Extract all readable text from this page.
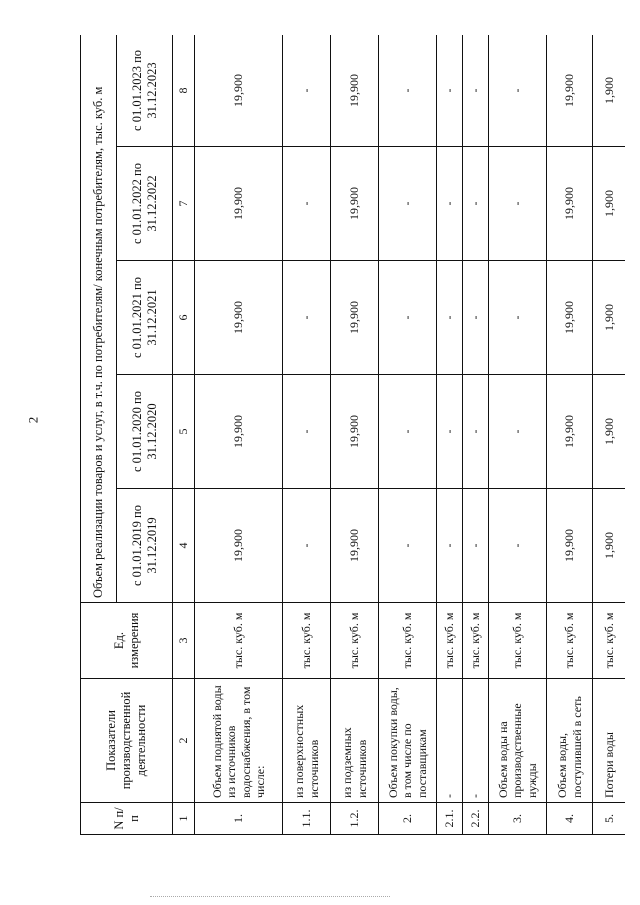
2
N п/п	Показатели производственной деятельности	Ед. измерения	Объем реализации товаров и услуг, в т.ч. по потребителям/ конечным потребителям, тыс. куб. м				
			с 01.01.2019 по 31.12.2019	с 01.01.2020 по 31.12.2020	с 01.01.2021 по 31.12.2021	с 01.01.2022 по 31.12.2022	с 01.01.2023 по 31.12.2023
1	2	3	4	5	6	7	8
1.	Объем поднятой воды из источников водоснабжения, в том числе:	тыс. куб. м	19,900	19,900	19,900	19,900	19,900
1.1.	из поверхностных источников	тыс. куб. м	-	-	-	-	-
1.2.	из подземных источников	тыс. куб. м	19,900	19,900	19,900	19,900	19,900
2.	Объем покупки воды, в том числе по поставщикам	тыс. куб. м	-	-	-	-	-
2.1.	-	тыс. куб. м	-	-	-	-	-
2.2.	-	тыс. куб. м	-	-	-	-	-
3.	Объем воды на производственные нужды	тыс. куб. м	-	-	-	-	-
4.	Объем воды, поступившей в сеть	тыс. куб. м	19,900	19,900	19,900	19,900	19,900
5.	Потери воды	тыс. куб. м	1,900	1,900	1,900	1,900	1,900
